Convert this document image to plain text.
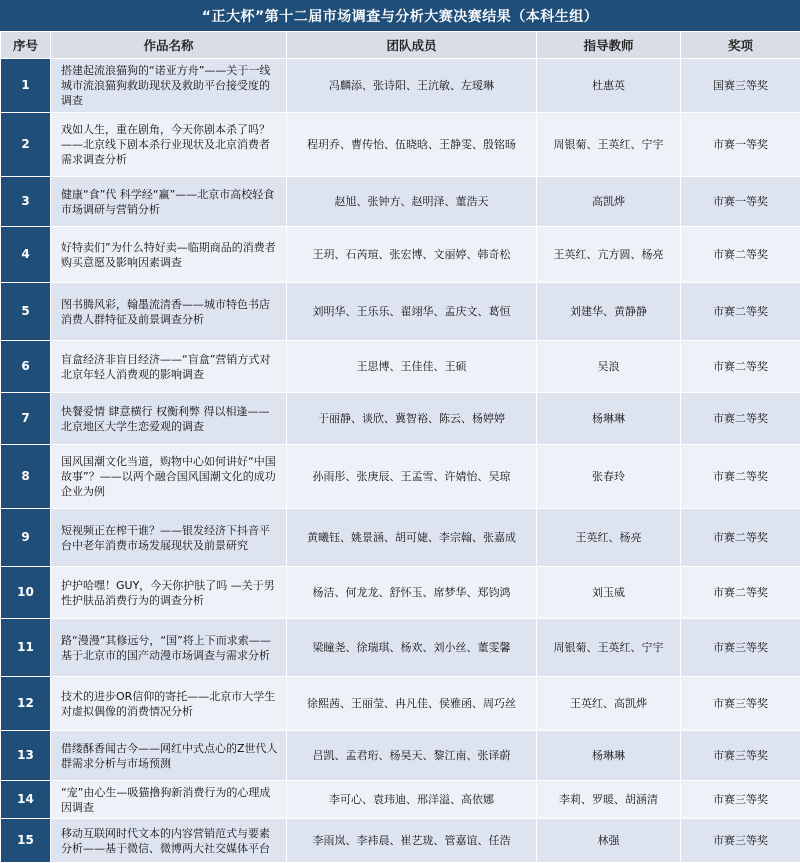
“正大杯”第十二届市场调查与分析大赛决赛结果（本科生组）
序号	作品名称	团队成员	指导教师	奖项
1	搭建起流浪猫狗的“诺亚方舟”——关于一线城市流浪猫狗救助现状及救助平台接受度的调查	冯麟添、张诗阳、王沆敏、左瑷琳	杜惠英	国赛三等奖
2	戏如人生，重在剧角，今天你剧本杀了吗？——北京线下剧本杀行业现状及北京消费者需求调查分析	程玥乔、曹传怡、伍晓晗、王静雯、殷铭旸	周银菊、王英红、宁宇	市赛一等奖
3	健康“食”代 科学经“赢”——北京市高校轻食市场调研与营销分析	赵旭、张钟方、赵明泽、董浩天	高凯烨	市赛一等奖
4	好特卖们”为什么特好卖—临期商品的消费者购买意愿及影响因素调查	王玥、石芮瑄、张宏博、文丽婷、韩奇松	王英红、亢方圆、杨亮	市赛二等奖
5	图书腾风彩，翰墨流清香——城市特色书店消费人群特征及前景调查分析	刘明华、王乐乐、翟翊华、孟庆文、葛恒	刘建华、黄静静	市赛二等奖
6	盲盒经济非盲目经济——“盲盒”营销方式对北京年轻人消费观的影响调查	王思博、王佳佳、王硕	吴浪	市赛二等奖
7	快餐爱情 肆意横行 权衡利弊 得以相逢——北京地区大学生恋爱观的调查	于丽静、谈欣、冀智裕、陈云、杨婷婷	杨琳琳	市赛二等奖
8	国风国潮文化当道，购物中心如何讲好“中国故事”？——以两个融合国风国潮文化的成功企业为例	孙雨彤、张庚辰、王孟雪、许婧怡、吴琼	张春玲	市赛二等奖
9	短视频正在榨干谁？——银发经济下抖音平台中老年消费市场发展现状及前景研究	黄曦钰、姚景涵、胡可婕、李宗翰、张嘉成	王英红、杨亮	市赛二等奖
10	护护哈嘿！GUY，今天你护肤了吗 —关于男性护肤品消费行为的调查分析	杨洁、何龙龙、舒怀玉、席梦华、郑钧鸿	刘玉威	市赛二等奖
11	路“漫漫”其修远兮，“国”将上下而求索——基于北京市的国产动漫市场调查与需求分析	梁瞳尧、徐瑞琪、杨欢、刘小丝、董雯馨	周银菊、王英红、宁宇	市赛三等奖
12	技术的进步OR信仰的寄托——北京市大学生对虚拟偶像的消费情况分析	徐熙茜、王丽莹、冉凡佳、侯雅函、周巧丝	王英红、高凯烨	市赛三等奖
13	借缕酥香闻古今——网红中式点心的Z世代人群需求分析与市场预测	吕凯、孟君珩、杨昊天、黎江南、张译蔚	杨琳琳	市赛三等奖
14	“宠”由心生—吸猫撸狗新消费行为的心理成因调查	李可心、袁玮迪、邢洋溢、高依娜	李莉、罗暖、胡涵清	市赛三等奖
15	移动互联网时代文本的内容营销范式与要素分析——基于微信、微博两大社交媒体平台	李雨岚、李袆晨、崔艺珑、管嘉谊、任浩	林强	市赛三等奖
